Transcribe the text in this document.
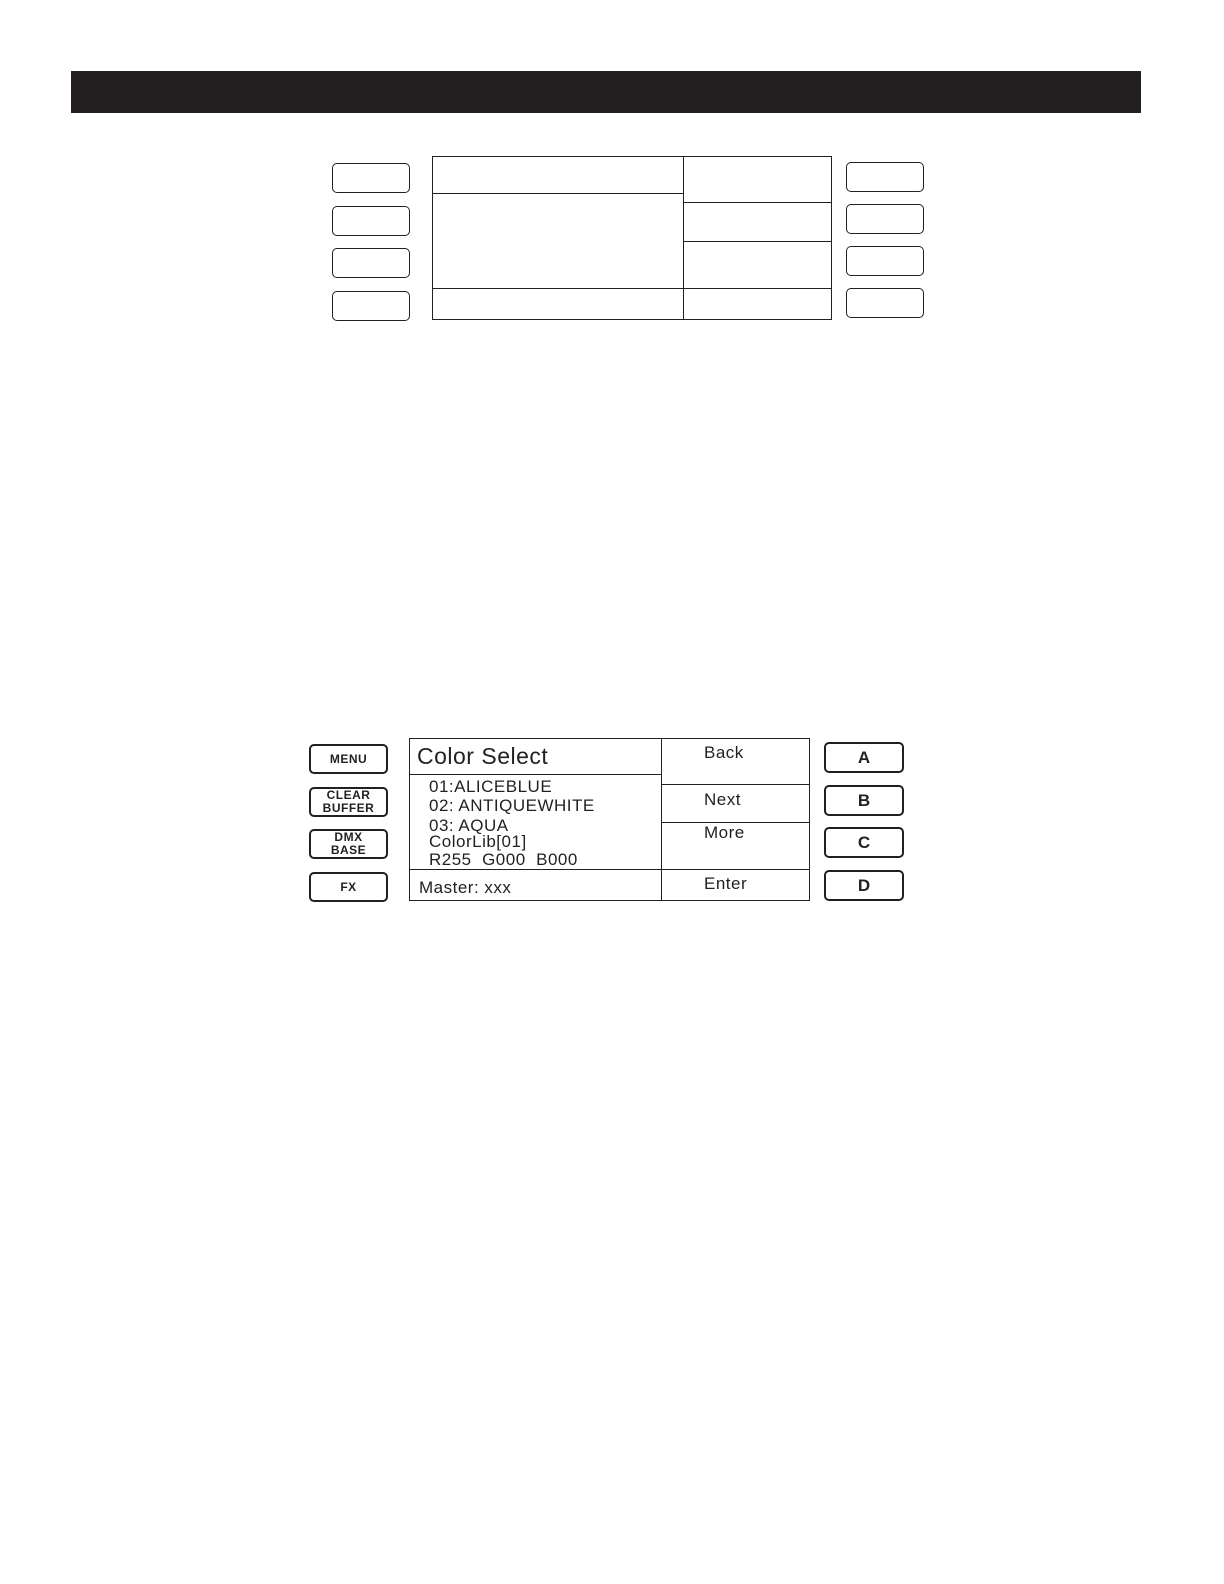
MENU
CLEAR
BUFFER
DMX
BASE
FX
Color Select
01:ALICEBLUE
02: ANTIQUEWHITE
03: AQUA
ColorLib[01]
R255  G000  B000
Master: xxx
Back
Next
More
Enter
A
B
C
D
